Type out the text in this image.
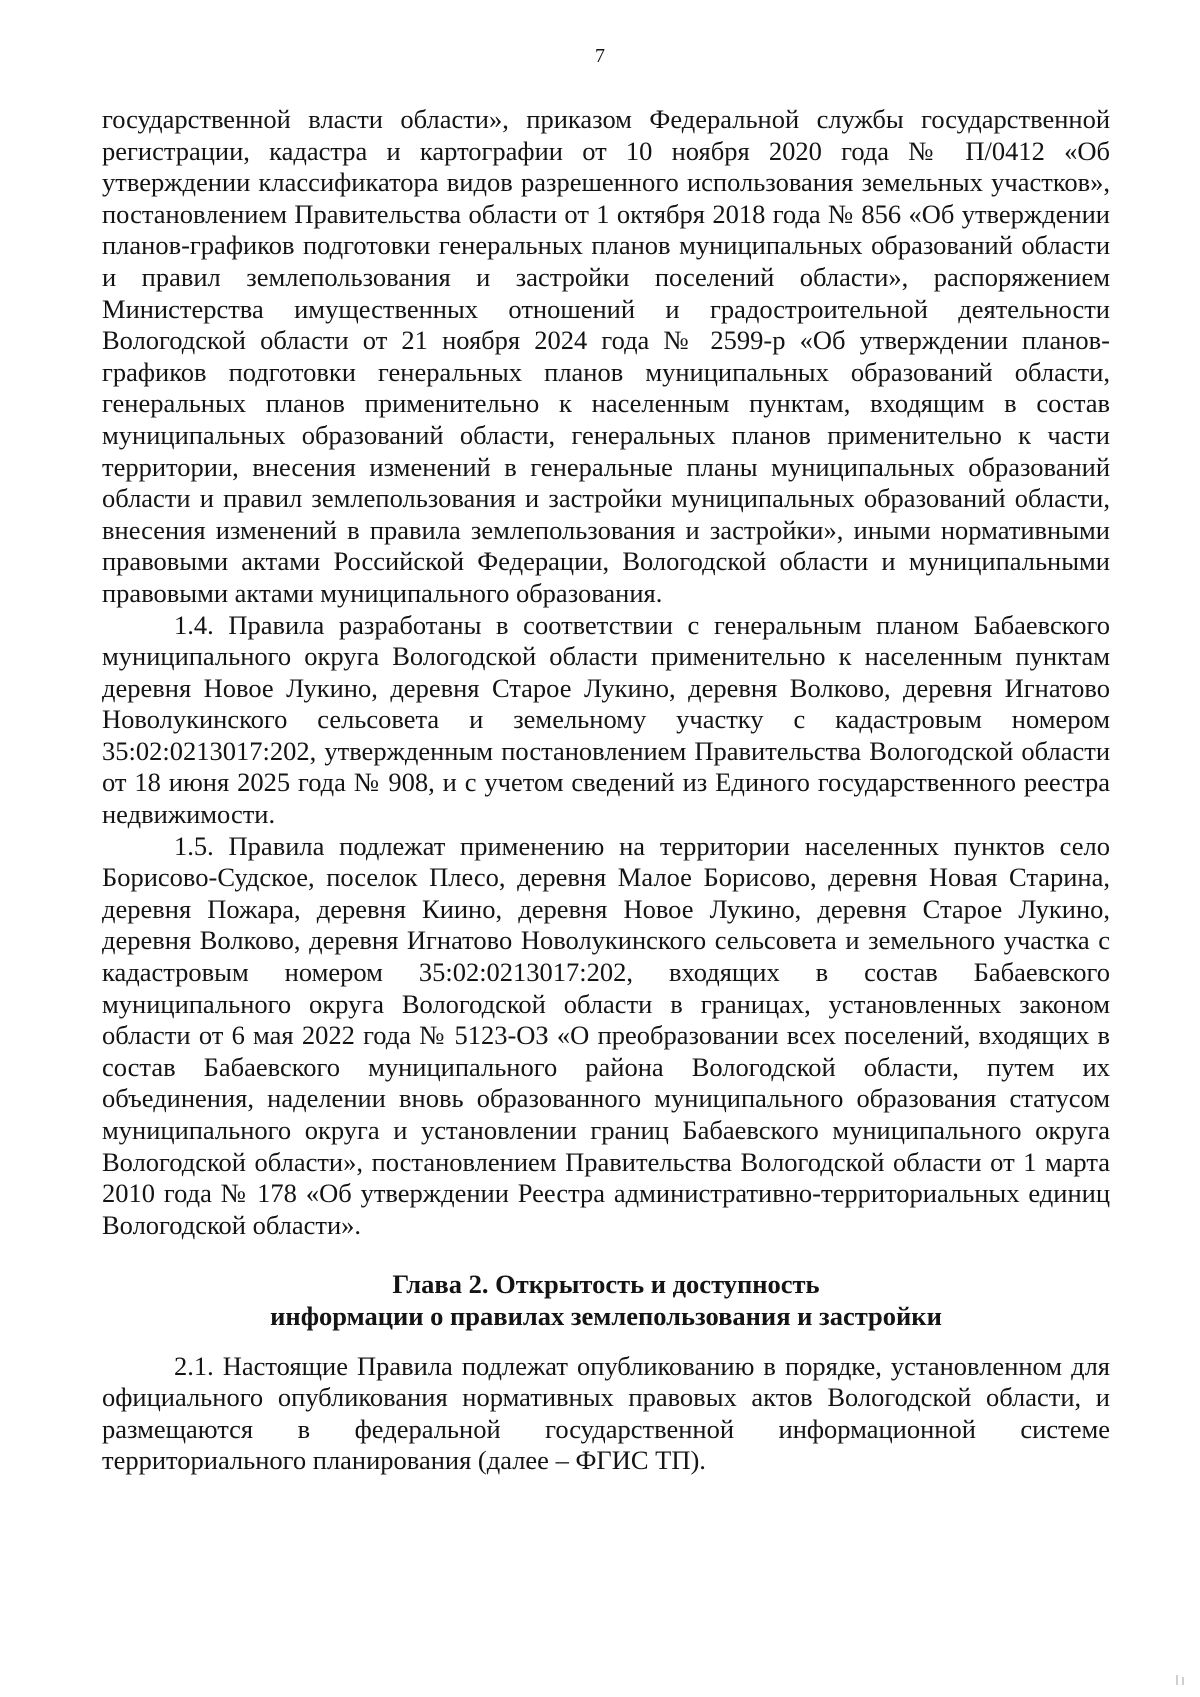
7

государственной власти области», приказом Федеральной службы государственной регистрации, кадастра и картографии от 10 ноября 2020 года № П/0412 «Об утверждении классификатора видов разрешенного использования земельных участков», постановлением Правительства области от 1 октября 2018 года № 856 «Об утверждении планов-графиков подготовки генеральных планов муниципальных образований области и правил землепользования и застройки поселений области», распоряжением Министерства имущественных отношений и градостроительной деятельности Вологодской области от 21 ноября 2024 года № 2599-р «Об утверждении планов-графиков подготовки генеральных планов муниципальных образований области, генеральных планов применительно к населенным пунктам, входящим в состав муниципальных образований области, генеральных планов применительно к части территории, внесения изменений в генеральные планы муниципальных образований области и правил землепользования и застройки муниципальных образований области, внесения изменений в правила землепользования и застройки», иными нормативными правовыми актами Российской Федерации, Вологодской области и муниципальными правовыми актами муниципального образования.

1.4. Правила разработаны в соответствии с генеральным планом Бабаевского муниципального округа Вологодской области применительно к населенным пунктам деревня Новое Лукино, деревня Старое Лукино, деревня Волково, деревня Игнатово Новолукинского сельсовета и земельному участку с кадастровым номером 35:02:0213017:202, утвержденным постановлением Правительства Вологодской области от 18 июня 2025 года № 908, и с учетом сведений из Единого государственного реестра недвижимости.

1.5. Правила подлежат применению на территории населенных пунктов село Борисово-Судское, поселок Плесо, деревня Малое Борисово, деревня Новая Старина, деревня Пожара, деревня Киино, деревня Новое Лукино, деревня Старое Лукино, деревня Волково, деревня Игнатово Новолукинского сельсовета и земельного участка с кадастровым номером 35:02:0213017:202, входящих в состав Бабаевского муниципального округа Вологодской области в границах, установленных законом области от 6 мая 2022 года № 5123-ОЗ «О преобразовании всех поселений, входящих в состав Бабаевского муниципального района Вологодской области, путем их объединения, наделении вновь образованного муниципального образования статусом муниципального округа и установлении границ Бабаевского муниципального округа Вологодской области», постановлением Правительства Вологодской области от 1 марта 2010 года № 178 «Об утверждении Реестра административно-территориальных единиц Вологодской области».

Глава 2. Открытость и доступность
информации о правилах землепользования и застройки

2.1. Настоящие Правила подлежат опубликованию в порядке, установленном для официального опубликования нормативных правовых актов Вологодской области, и размещаются в федеральной государственной информационной системе территориального планирования (далее – ФГИС ТП).
